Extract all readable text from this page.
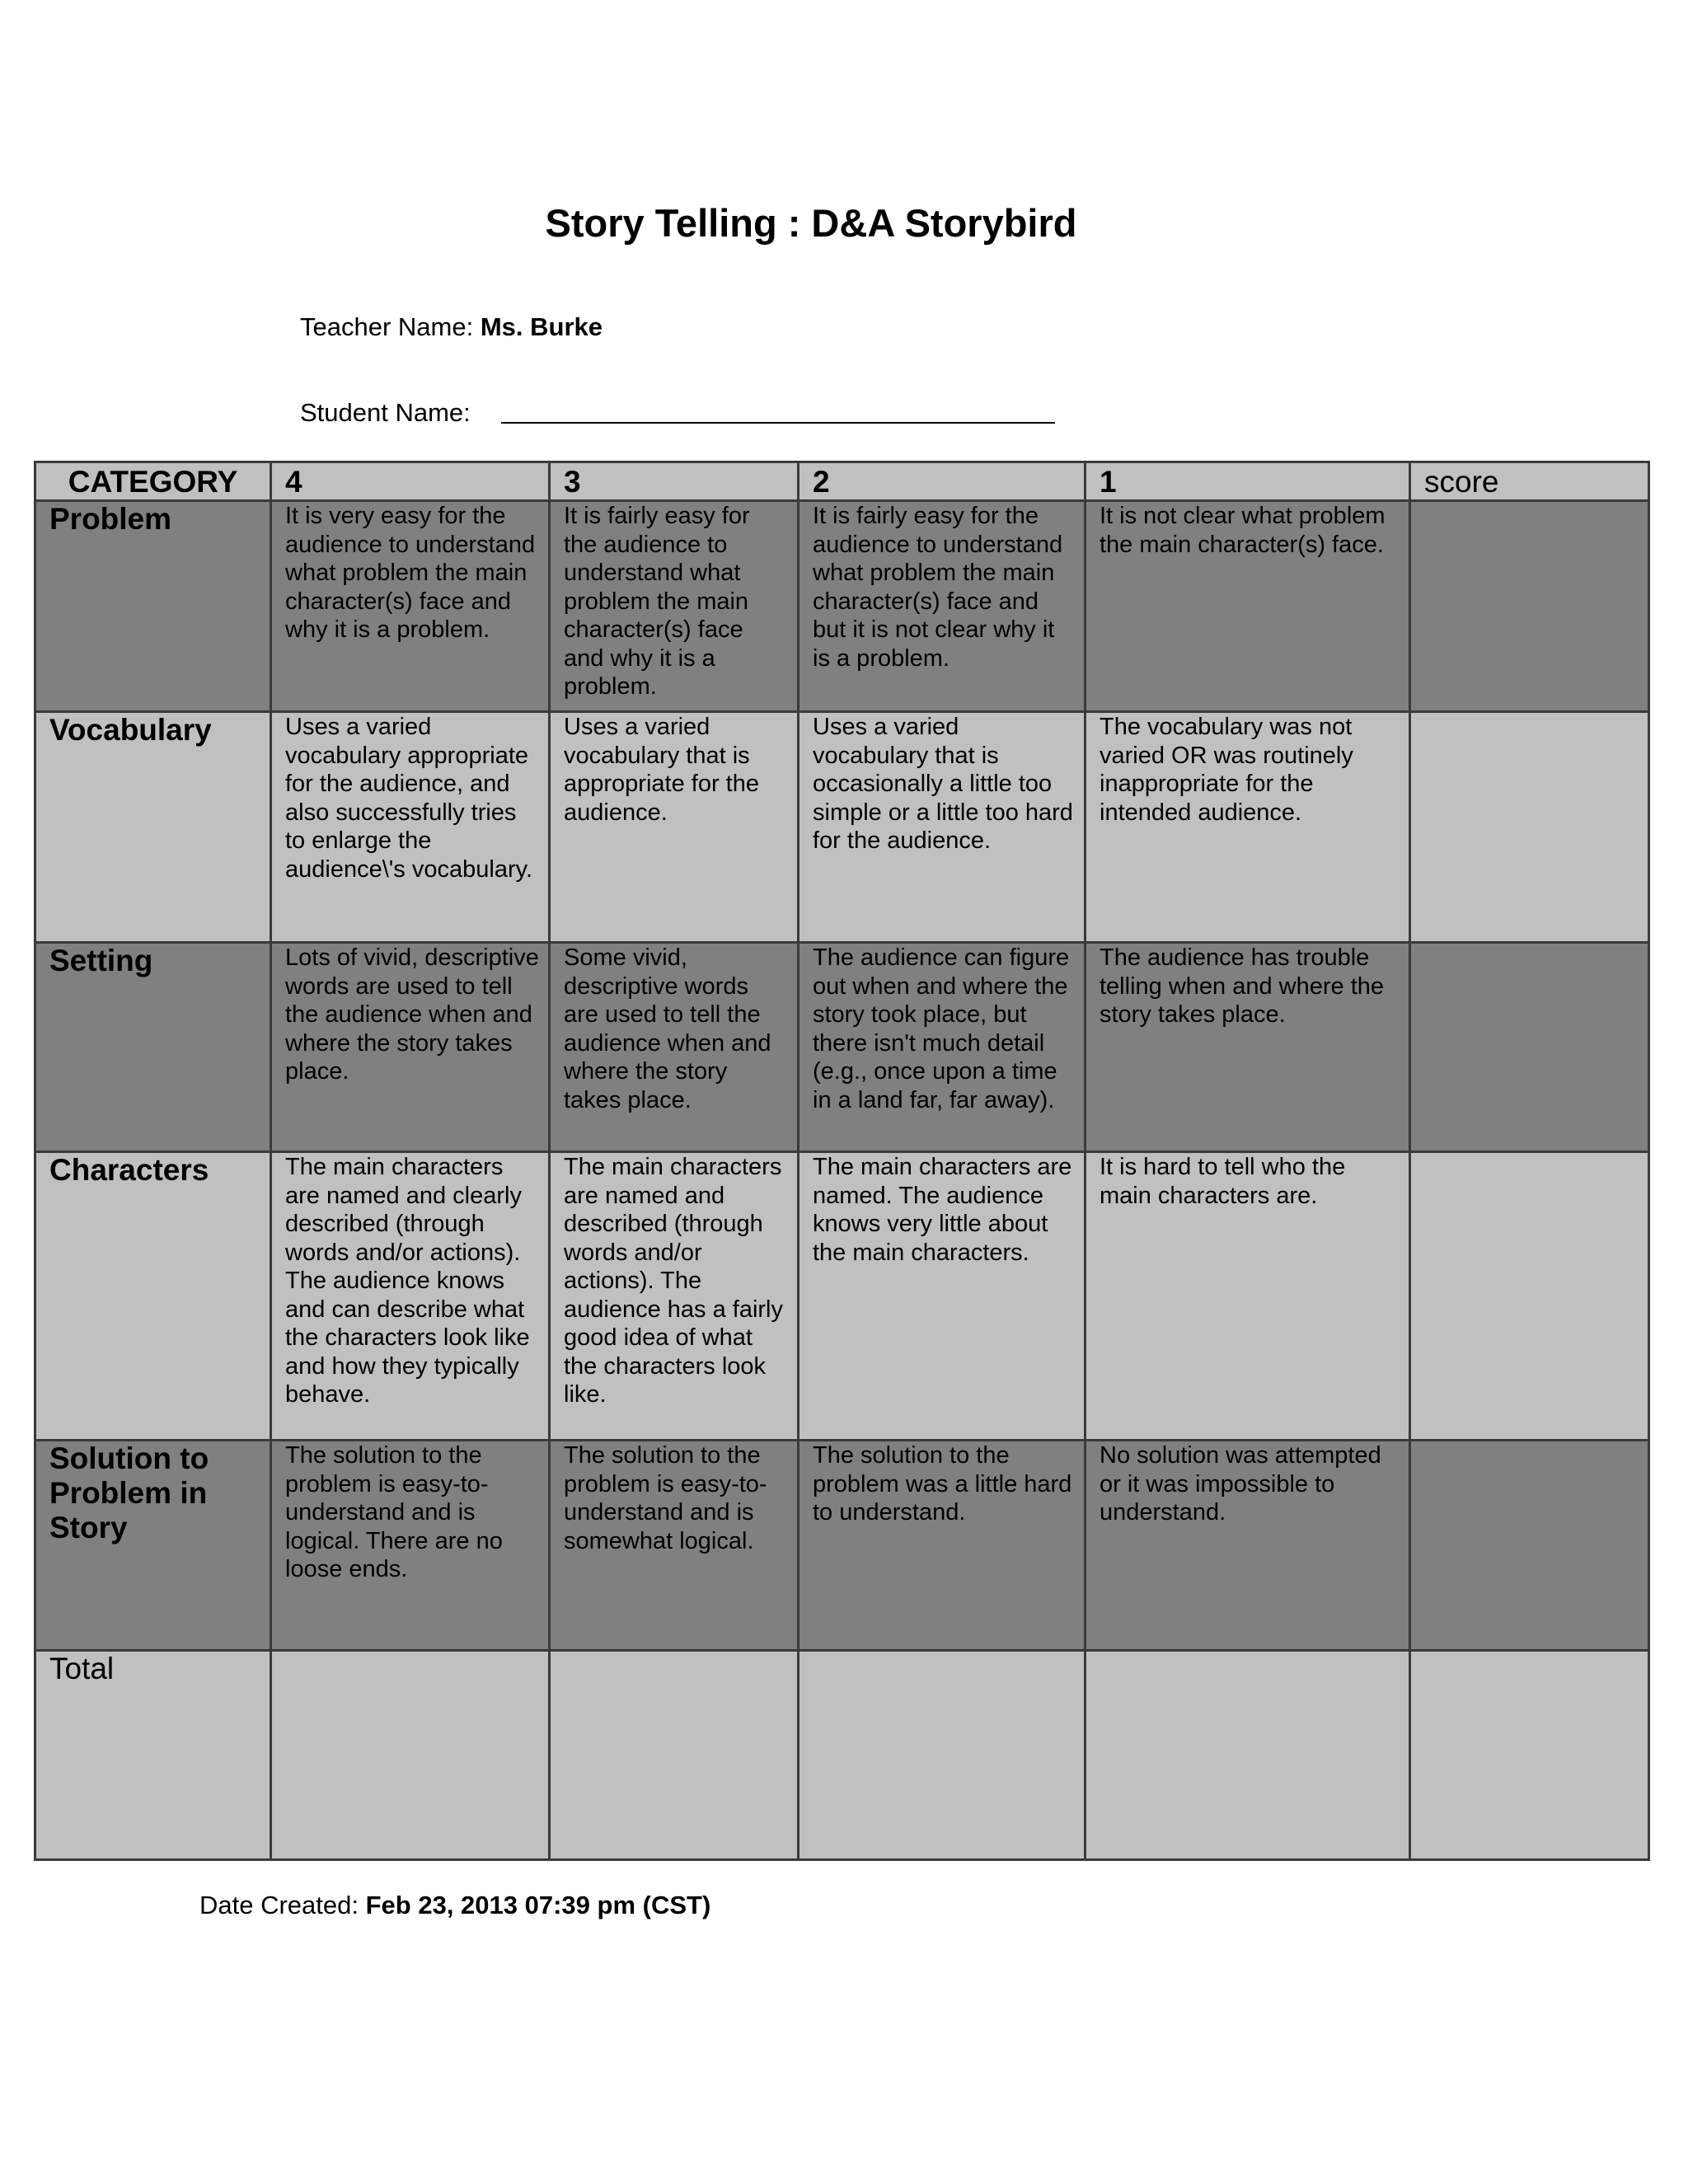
Story Telling : D&A Storybird
Teacher Name: Ms. Burke
Student Name:
CATEGORY	4	3	2	1	score
Problem	It is very easy for the audience to understand what problem the main character(s) face and why it is a problem.	It is fairly easy for the audience to understand what problem the main character(s) face and why it is a problem.	It is fairly easy for the audience to understand what problem the main character(s) face and but it is not clear why it is a problem.	It is not clear what problem the main character(s) face.	
Vocabulary	Uses a varied vocabulary appropriate for the audience, and also successfully tries to enlarge the audience\'s vocabulary.	Uses a varied vocabulary that is appropriate for the audience.	Uses a varied vocabulary that is occasionally a little too simple or a little too hard for the audience.	The vocabulary was not varied OR was routinely inappropriate for the intended audience.	
Setting	Lots of vivid, descriptive words are used to tell the audience when and where the story takes place.	Some vivid, descriptive words are used to tell the audience when and where the story takes place.	The audience can figure out when and where the story took place, but there isn't much detail (e.g., once upon a time in a land far, far away).	The audience has trouble telling when and where the story takes place.	
Characters	The main characters are named and clearly described (through words and/or actions). The audience knows and can describe what the characters look like and how they typically behave.	The main characters are named and described (through words and/or actions). The audience has a fairly good idea of what the characters look like.	The main characters are named. The audience knows very little about the main characters.	It is hard to tell who the main characters are.	
Solution to Problem in Story	The solution to the problem is easy-to-understand and is logical. There are no loose ends.	The solution to the problem is easy-to-understand and is somewhat logical.	The solution to the problem was a little hard to understand.	No solution was attempted or it was impossible to understand.	
Total					
Date Created: Feb 23, 2013 07:39 pm (CST)
